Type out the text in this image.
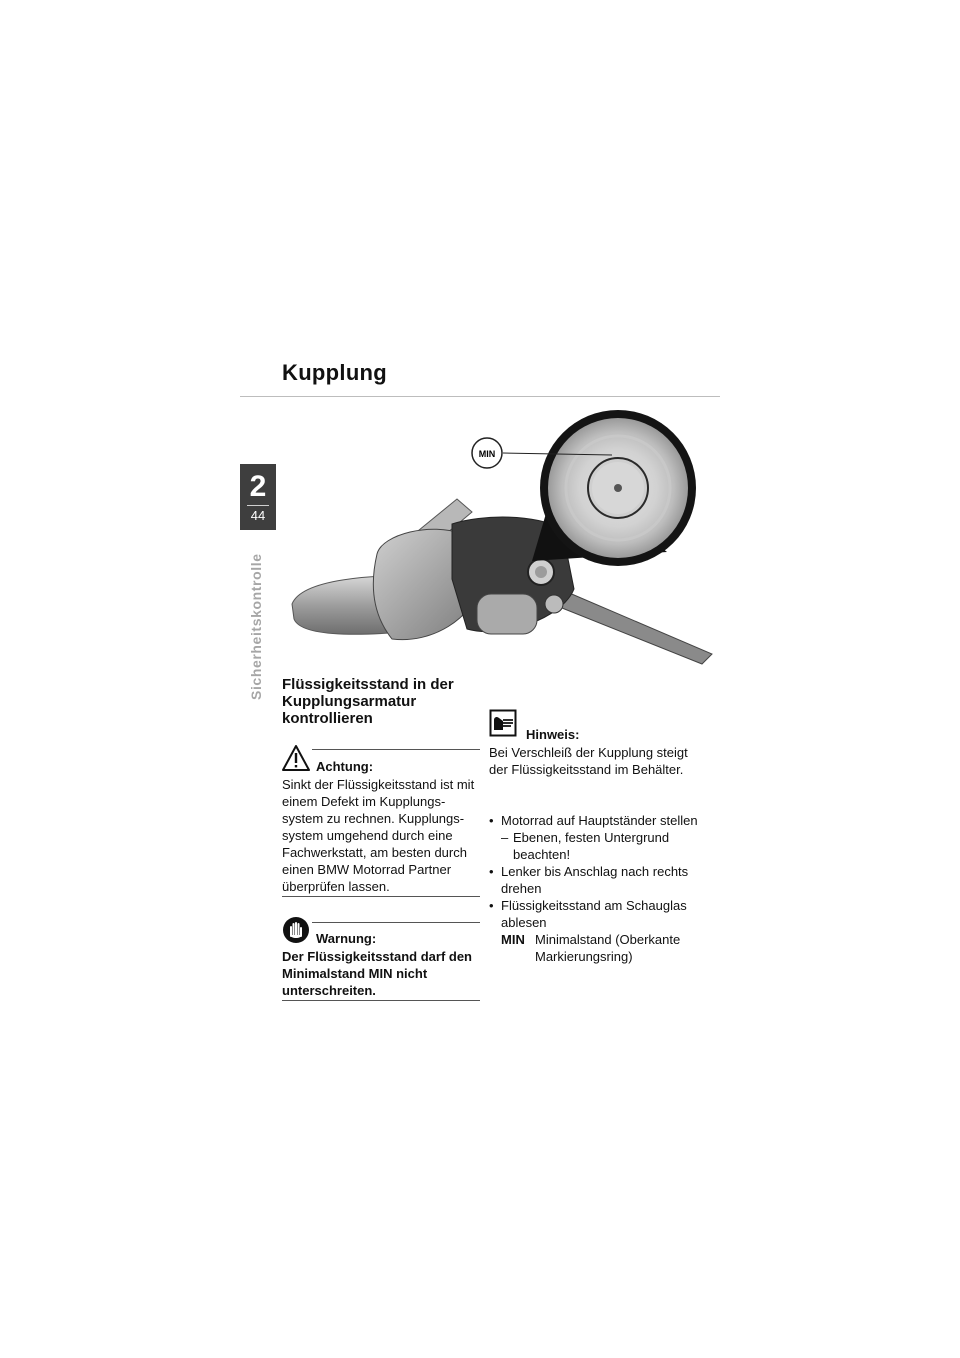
Kupplung
2
44
Sicherheitskontrolle
MIN
Flüssigkeitsstand in der Kupplungsarmatur kontrollieren
Achtung:
Sinkt der Flüssigkeitsstand ist mit einem Defekt im Kupplungs-system zu rechnen. Kupplungs-system umgehend durch eine Fachwerkstatt, am besten durch einen BMW Motorrad Partner überprüfen lassen.
Warnung:
Der Flüssigkeitsstand darf den Minimalstand MIN nicht unterschreiten.
Hinweis:
Bei Verschleiß der Kupplung steigt der Flüssigkeitsstand im Behälter.
• Motorrad auf Hauptständer stellen
– Ebenen, festen Untergrund beachten!
• Lenker bis Anschlag nach rechts drehen
• Flüssigkeitsstand am Schauglas ablesen
MIN Minimalstand (Oberkante Markierungsring)
